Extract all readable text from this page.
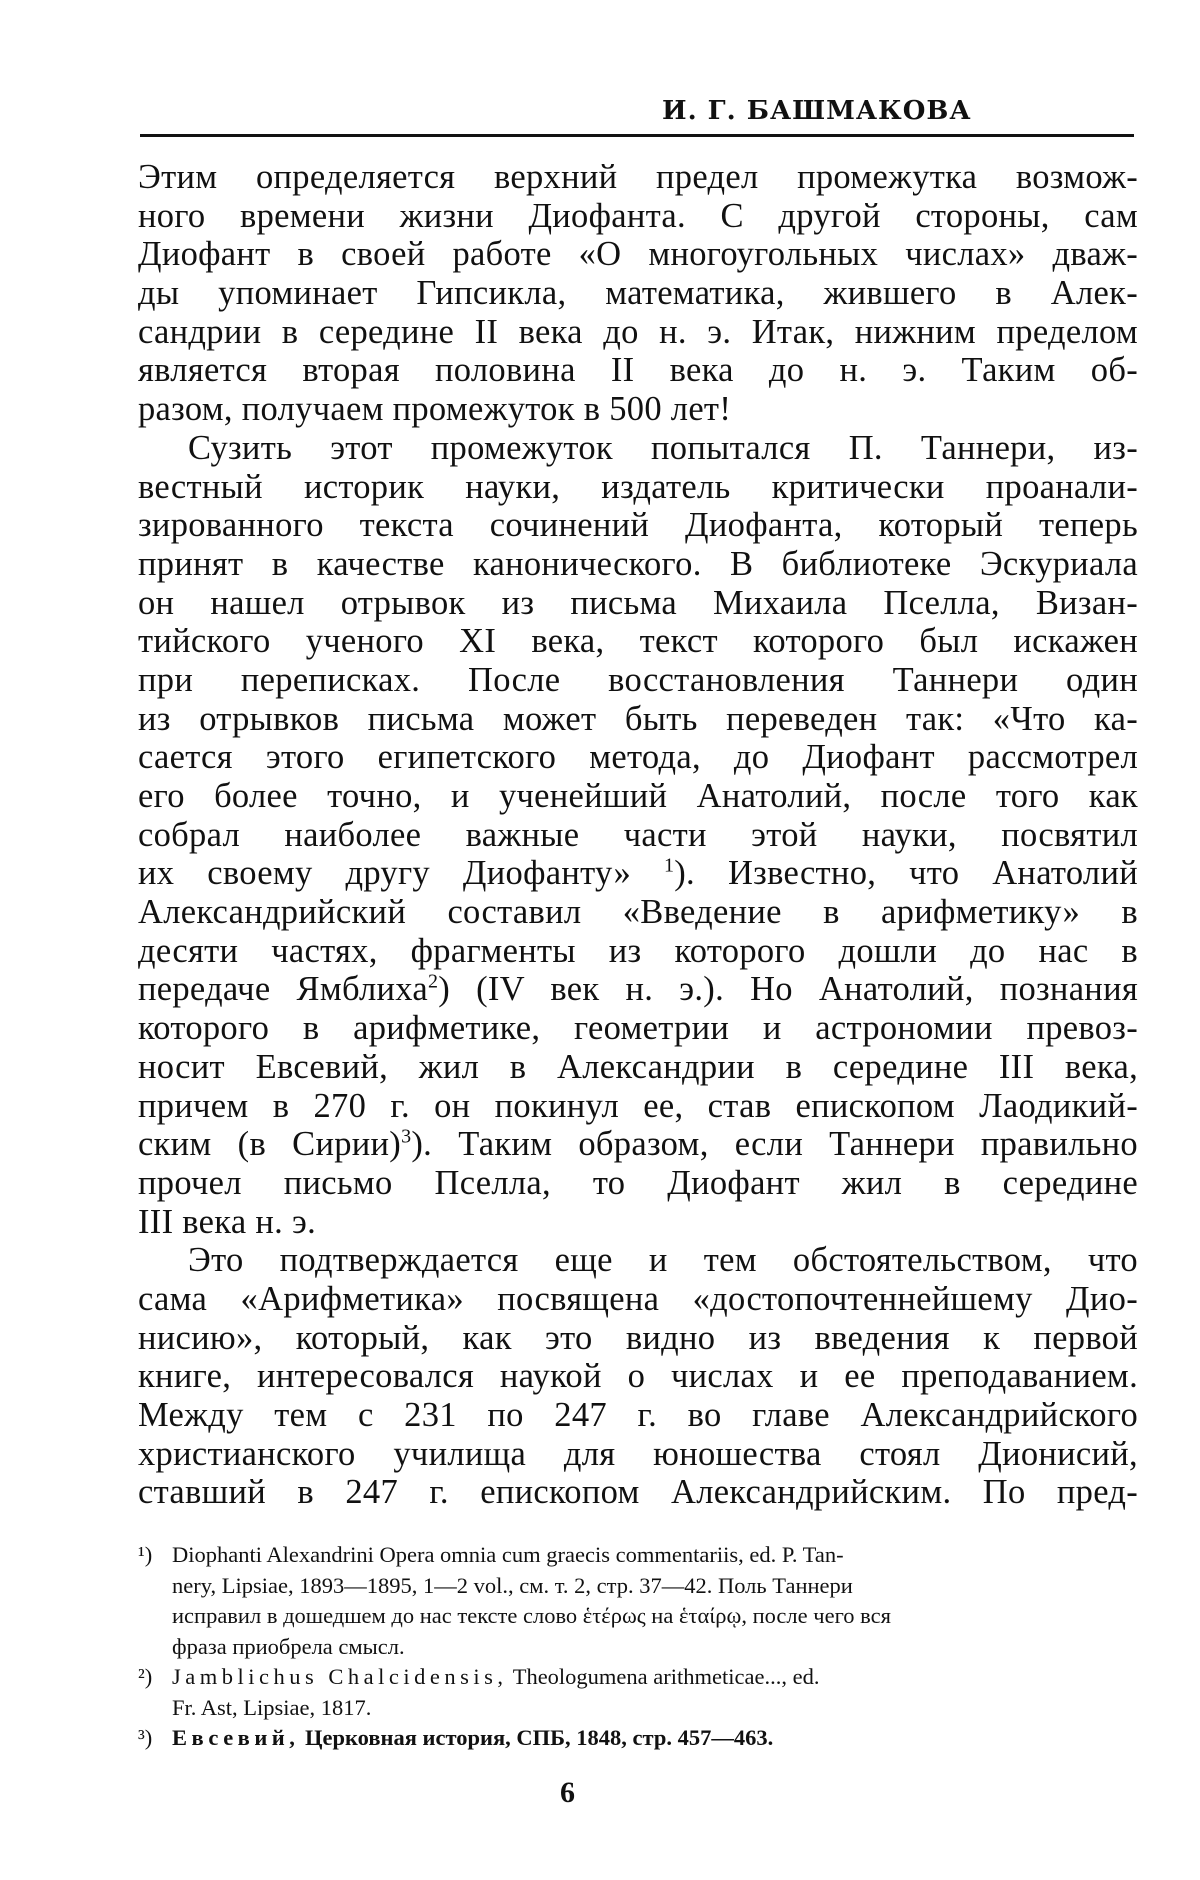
И. Г. БАШМАКОВА
Этим определяется верхний предел промежутка возмож-
ного времени жизни Диофанта. С другой стороны, сам
Диофант в своей работе «О многоугольных числах» дваж-
ды упоминает Гипсикла, математика, жившего в Алек-
сандрии в середине II века до н. э. Итак, нижним пределом
является вторая половина II века до н. э. Таким об-
разом, получаем промежуток в 500 лет!
Сузить этот промежуток попытался П. Таннери, из-
вестный историк науки, издатель критически проанали-
зированного текста сочинений Диофанта, который теперь
принят в качестве канонического. В библиотеке Эскуриала
он нашел отрывок из письма Михаила Пселла, Визан-
тийского ученого XI века, текст которого был искажен
при переписках. После восстановления Таннери один
из отрывков письма может быть переведен так: «Что ка-
сается этого египетского метода, до Диофант рассмотрел
его более точно, и ученейший Анатолий, после того как
собрал наиболее важные части этой науки, посвятил
их своему другу Диофанту» $^1$). Известно, что Анатолий
Александрийский составил «Введение в арифметику» в
десяти частях, фрагменты из которого дошли до нас в
передаче Ямблиха$^2$) (IV век н. э.). Но Анатолий, познания
которого в арифметике, геометрии и астрономии превоз-
носит Евсевий, жил в Александрии в середине III века,
причем в 270 г. он покинул ее, став епископом Лаодикий-
ским (в Сирии)$^3$). Таким образом, если Таннери правильно
прочел письмо Пселла, то Диофант жил в середине
III века н. э.
Это подтверждается еще и тем обстоятельством, что
сама «Арифметика» посвящена «достопочтеннейшему Дио-
нисию», который, как это видно из введения к первой
книге, интересовался наукой о числах и ее преподаванием.
Между тем с 231 по 247 г. во главе Александрийского
христианского училища для юношества стоял Дионисий,
ставший в 247 г. епископом Александрийским. По пред-
¹) Diophanti Alexandrini Opera omnia cum graecis commentariis, ed. P. Tan-
nery, Lipsiae, 1893—1895, 1—2 vol., см. т. 2, стр. 37—42. Поль Таннери
исправил в дошедшем до нас тексте слово ἑτέρως на ἑταίρῳ, после чего вся
фраза приобрела смысл.
²) Jamblichus Chalcidensis, Theologumena arithmeticae..., ed.
Fr. Ast, Lipsiae, 1817.
³) Евсевий, Церковная история, СПБ, 1848, стр. 457—463.
6
